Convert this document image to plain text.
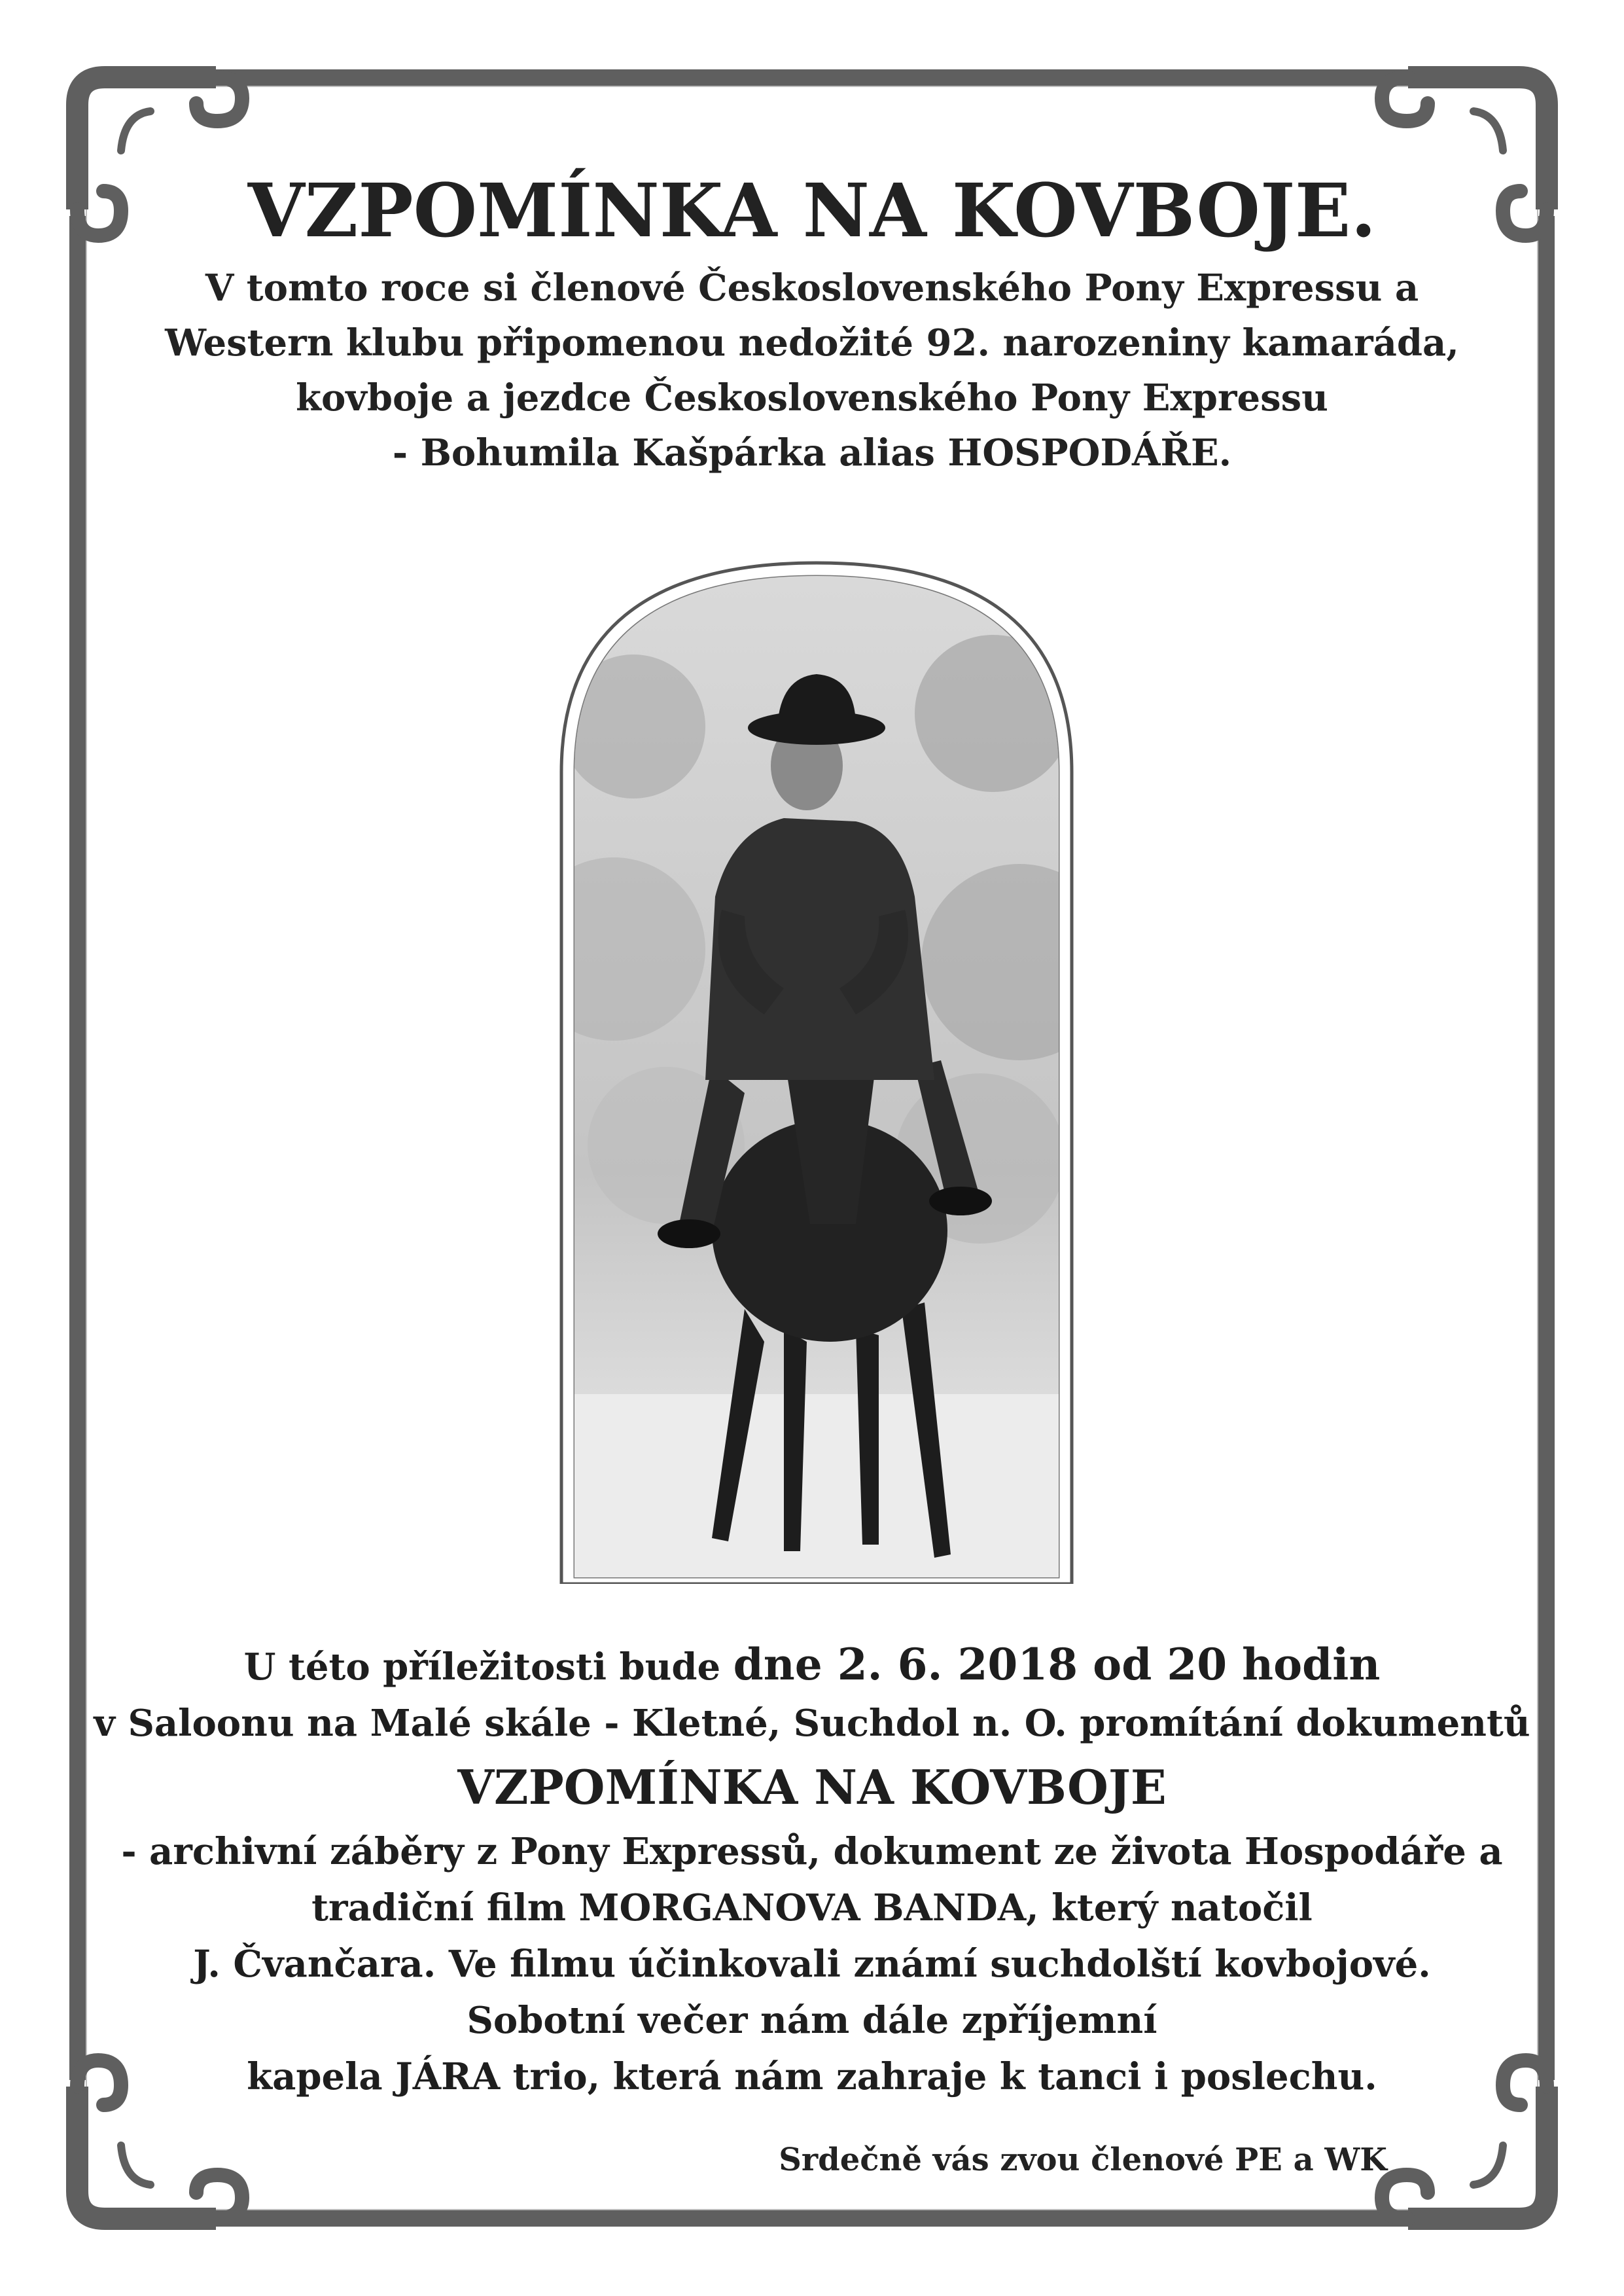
VZPOMÍNKA NA KOVBOJE.
V tomto roce si členové Československého Pony Expressu a
Western klubu připomenou nedožité 92. narozeniny kamaráda,
kovboje a jezdce Československého Pony Expressu
- Bohumila Kašpárka alias HOSPODÁŘE.
U této příležitosti bude dne 2. 6. 2018 od 20 hodin
v Saloonu na Malé skále - Kletné, Suchdol n. O. promítání dokumentů
VZPOMÍNKA NA KOVBOJE
- archivní záběry z Pony Expressů, dokument ze života Hospodáře a
tradiční film MORGANOVA BANDA, který natočil
J. Čvančara. Ve filmu účinkovali známí suchdolští kovbojové.
Sobotní večer nám dále zpříjemní
kapela JÁRA trio, která nám zahraje k tanci i poslechu.
Srdečně vás zvou členové PE a WK
